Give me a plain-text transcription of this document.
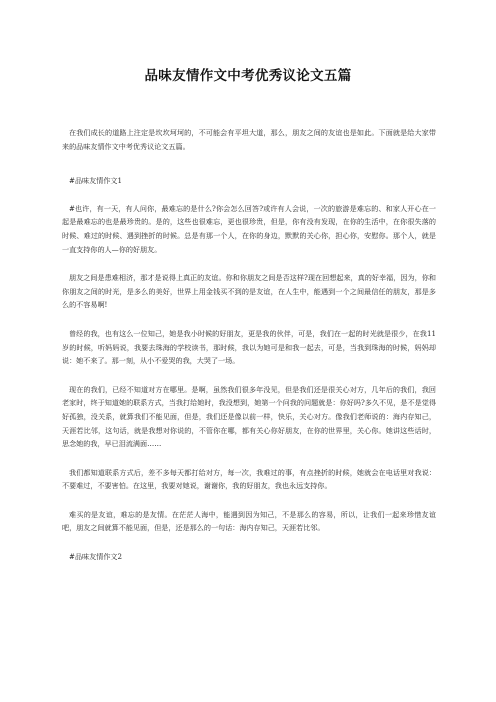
品味友情作文中考优秀议论文五篇

在我们成长的道路上注定是坎坎坷坷的，不可能会有平坦大道，那么，朋友之间的友谊也是如此。下面就是给大家带来的品味友情作文中考优秀议论文五篇。

#品味友情作文1

#也许，有一天，有人问你，最难忘的是什么?你会怎么回答?或许有人会说，一次的旅游是难忘的、和家人开心在一起是最难忘的也是最珍贵的。是的，这些也很难忘，更也很珍贵，但是，你有没有发现，在你的生活中，在你很失落的时候、难过的时候、遇到挫折的时候。总是有那一个人，在你的身边，默默的关心你，担心你，安慰你。那个人，就是一直支持你的人—你的好朋友。

朋友之间是患难相济，那才是说得上真正的友谊。你和你朋友之间是否这样?现在回想起来，真的好幸福，因为，你和你朋友之间的时光，是多么的美好，世界上用金钱买不到的是友谊，在人生中，能遇到一个之间最信任的朋友，那是多么的不容易啊!

曾经的我，也有这么一位知己，她是我小时候的好朋友，更是我的伙伴，可是，我们在一起的时光就是很少，在我11岁的时候，听妈妈说，我要去珠海的学校读书，那时候，我以为她可是和我一起去，可是，当我到珠海的时候，妈妈却说：她不来了。那一刻，从小不爱哭的我，大哭了一场。

现在的我们，已经不知道对方在哪里。是啊，虽然我们很多年没见，但是我们还是很关心对方，几年后的我们，我回老家时，终于知道她的联系方式，当我打给她时，我没想到，她第一个问我的问题就是：你好吗?多久不见，是不是觉得好孤独，没关系，就算我们不能见面，但是，我们还是像以前一样，快乐，关心对方。像我们老师说的：海内存知己，天涯若比邻，这句话，就是我想对你说的，不管你在哪，都有关心你好朋友，在你的世界里，关心你。她讲这些话时，思念她的我，早已泪流满面……

我们都知道联系方式后，差不多每天都打给对方，每一次，我难过的事，有点挫折的时候，她就会在电话里对我说：不要难过，不要害怕。在这里，我要对她说，谢谢你，我的好朋友，我也永远支持你。

难买的是友谊，难忘的是友情。在茫茫人海中，能遇到因为知己，不是那么的容易，所以，让我们一起来珍惜友谊吧，朋友之间就算不能见面，但是，还是那么的一句话：海内存知己，天涯若比邻。

#品味友情作文2
